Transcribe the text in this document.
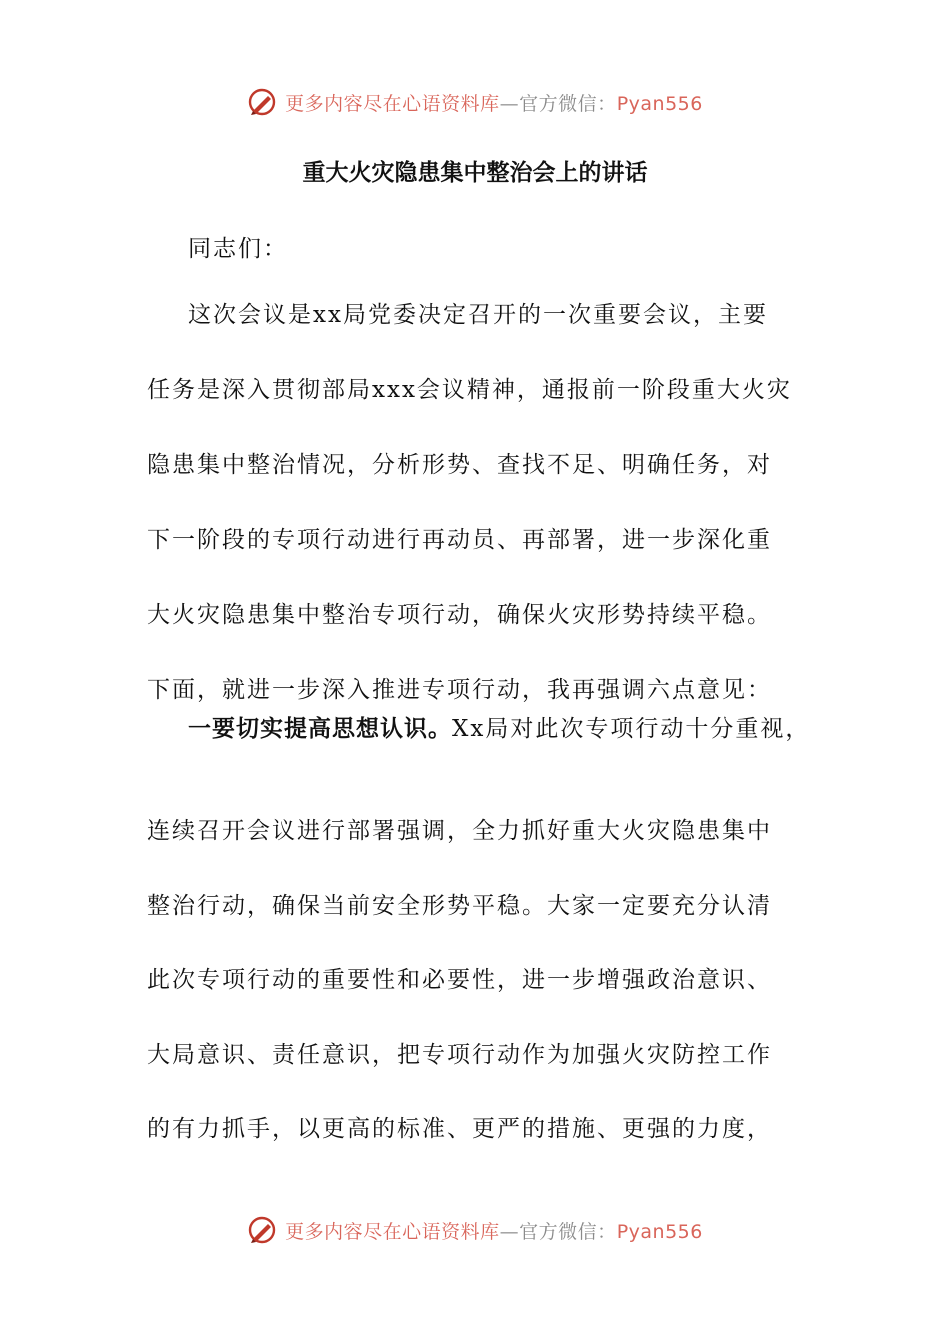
更多内容尽在心语资料库—官方微信：Pyan556
重大火灾隐患集中整治会上的讲话
同志们：
这次会议是xx局党委决定召开的一次重要会议，主要
任务是深入贯彻部局xxx会议精神，通报前一阶段重大火灾
隐患集中整治情况，分析形势、查找不足、明确任务，对
下一阶段的专项行动进行再动员、再部署，进一步深化重
大火灾隐患集中整治专项行动，确保火灾形势持续平稳。
下面，就进一步深入推进专项行动，我再强调六点意见：
一要切实提高思想认识。Xx局对此次专项行动十分重视，
连续召开会议进行部署强调，全力抓好重大火灾隐患集中
整治行动，确保当前安全形势平稳。大家一定要充分认清
此次专项行动的重要性和必要性，进一步增强政治意识、
大局意识、责任意识，把专项行动作为加强火灾防控工作
的有力抓手，以更高的标准、更严的措施、更强的力度，
更多内容尽在心语资料库—官方微信：Pyan556
